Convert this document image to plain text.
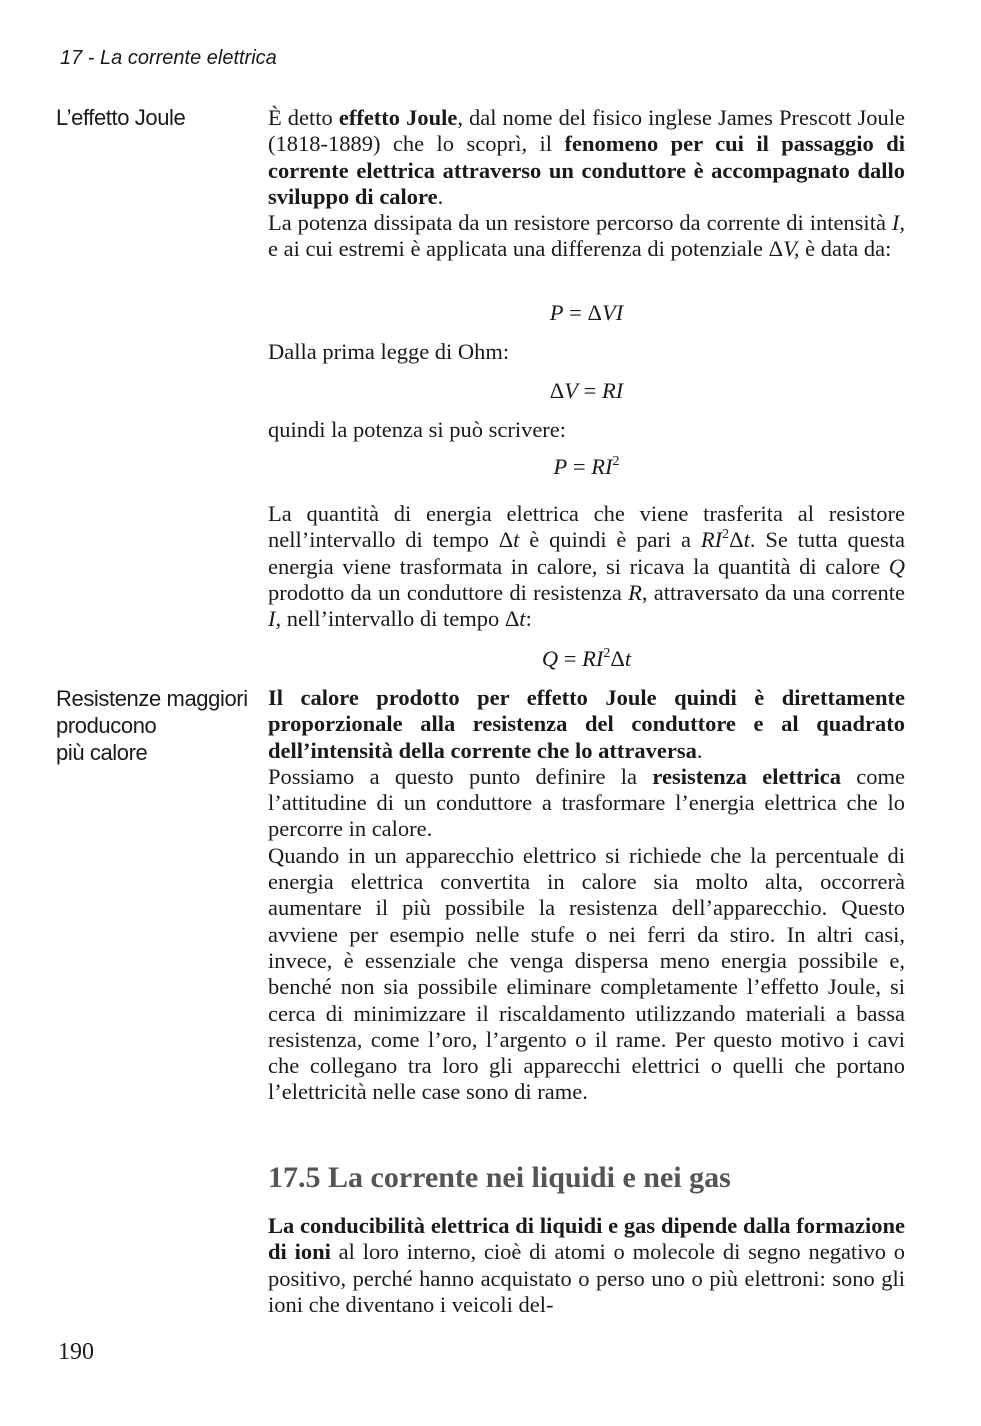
17 - La corrente elettrica
L’effetto Joule	È detto effetto Joule, dal nome del fisico inglese James Prescott Joule (1818-1889) che lo scoprì, il fenomeno per cui il passaggio di corrente elettrica attraverso un conduttore è accompagnato dallo sviluppo di calore.

La potenza dissipata da un resistore percorso da corrente di intensità I, e ai cui estremi è applicata una differenza di potenziale ΔV, è data da:

P = ΔVI

Dalla prima legge di Ohm:

ΔV = RI

quindi la potenza si può scrivere:

$P = RI^2$

La quantità di energia elettrica che viene trasferita al resistore nell’intervallo di tempo Δt è quindi è pari a $RI^2\Delta t$. Se tutta questa energia viene trasformata in calore, si ricava la quantità di calore Q prodotto da un conduttore di resistenza R, attraversato da una corrente I, nell’intervallo di tempo Δt:

$Q = RI^2\Delta t$
Resistenze maggiori
producono
più calore

Il calore prodotto per effetto Joule quindi è direttamente proporzionale alla resistenza del conduttore e al quadrato dell’intensità della corrente che lo attraversa.

Possiamo a questo punto definire la resistenza elettrica come l’attitudine di un conduttore a trasformare l’energia elettrica che lo percorre in calore.

Quando in un apparecchio elettrico si richiede che la percentuale di energia elettrica convertita in calore sia molto alta, occorrerà aumentare il più possibile la resistenza dell’apparecchio. Questo avviene per esempio nelle stufe o nei ferri da stiro. In altri casi, invece, è essenziale che venga dispersa meno energia possibile e, benché non sia possibile eliminare completamente l’effetto Joule, si cerca di minimizzare il riscaldamento utilizzando materiali a bassa resistenza, come l’oro, l’argento o il rame. Per questo motivo i cavi che collegano tra loro gli apparecchi elettrici o quelli che portano l’elettricità nelle case sono di rame.

17.5 La corrente nei liquidi e nei gas

La conducibilità elettrica di liquidi e gas dipende dalla formazione di ioni al loro interno, cioè di atomi o molecole di segno negativo o positivo, perché hanno acquistato o perso uno o più elettroni: sono gli ioni che diventano i veicoli del-

190
